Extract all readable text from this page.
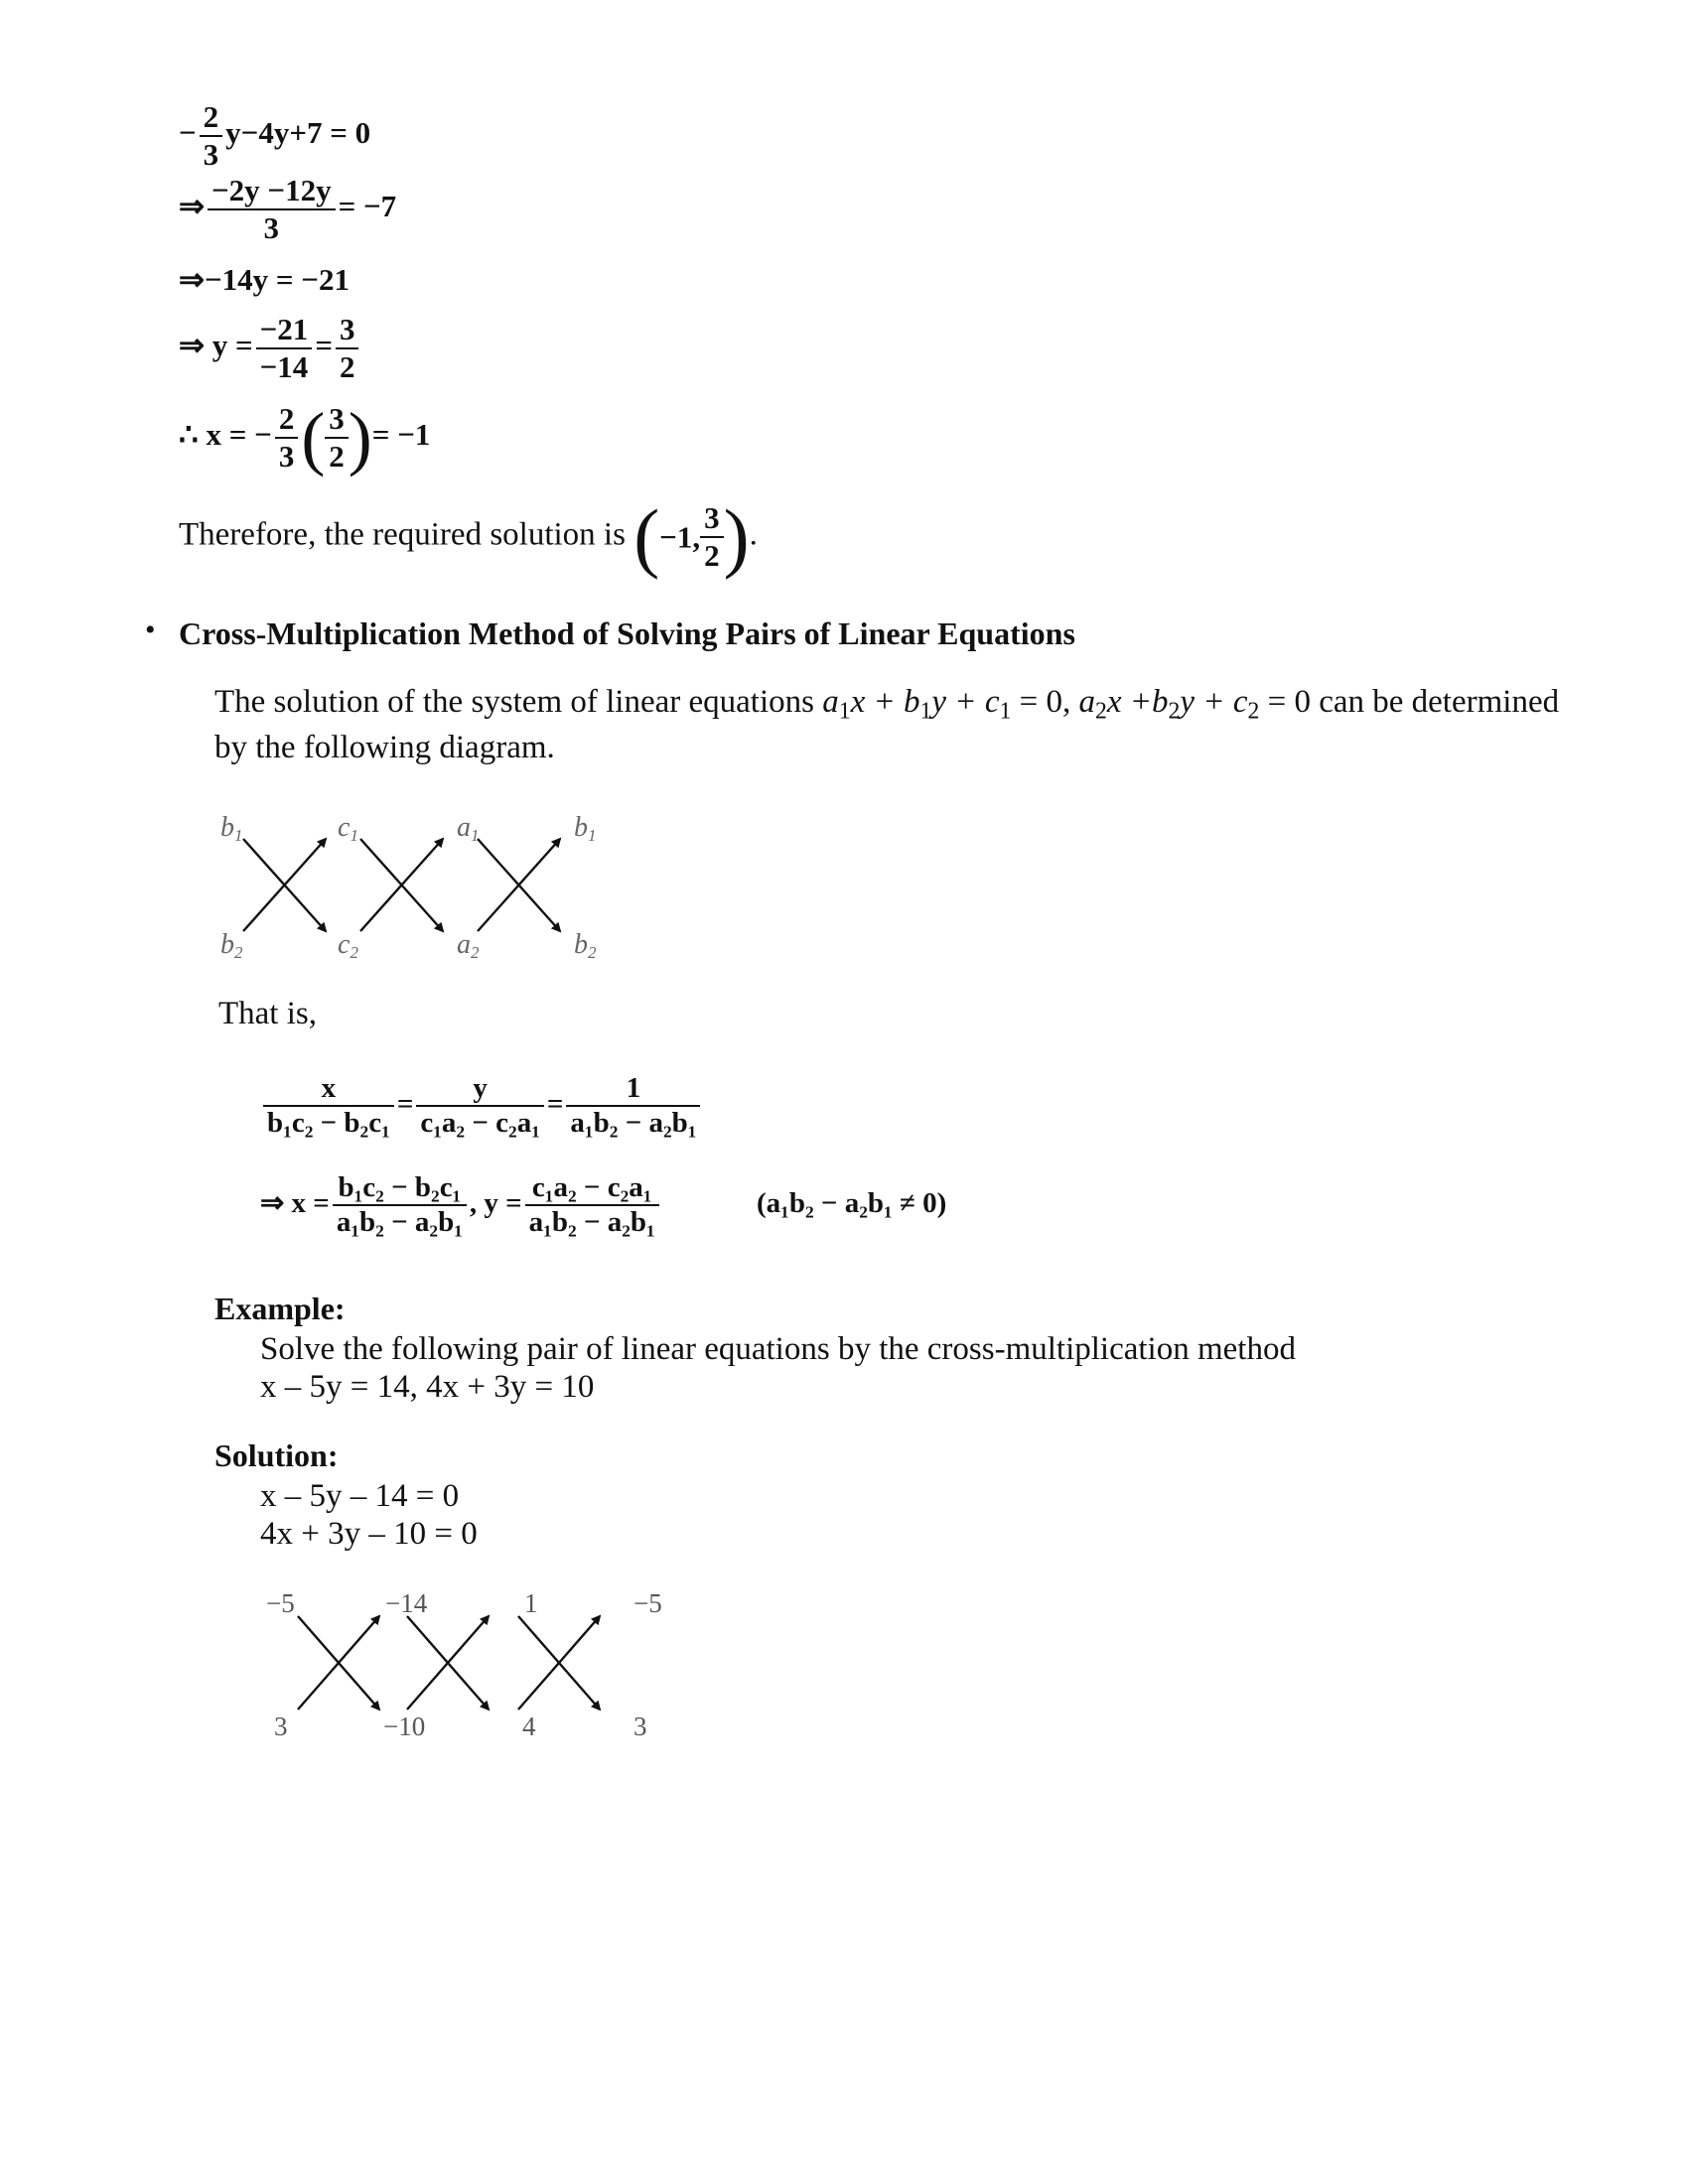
− $\frac{2}{3} y-4y+7 = 0$
⇒ $\frac{-2y -12y}{3} = -7$
⇒−14y = −21
⇒ $y = \frac{-21}{-14} = \frac{3}{2}$
∴ x = − $\frac{2}{3}$ ( $\frac{3}{2}$ )= −1
Therefore, the required solution is (−1, $\frac{3}{2}$ ).
• Cross-Multiplication Method of Solving Pairs of Linear Equations
The solution of the system of linear equations $a_1x + b_1y + c_1 = 0$, $a_2x +b_2y + c_2 = 0$ can be determined
by the following diagram.
b1	c1	a1	b1
b2	c2	a2	b2
That is,
$\frac{x}{\text{b₁c₂ − b₂c₁}} = \frac{y}{\text{c₁a₂ − c₂a₁}} = \frac{1}{\text{a₁b₂ − a₂b₁}}$
⇒ $x = \frac{\text{b₁c₂ − b₂c₁}}{\text{a₁b₂ − a₂b₁}}$ , $y = \frac{\text{c₁a₂ − c₂a₁}}{\text{a₁b₂ − a₂b₁}}$	(a₁b₂ − a₂b₁ ≠ 0)
Example:
Solve the following pair of linear equations by the cross-multiplication method
x – 5y = 14, 4x + 3y = 10
Solution:
x – 5y – 14 = 0
4x + 3y – 10 = 0
−5	−14	1	−5
3	−10	4	3
